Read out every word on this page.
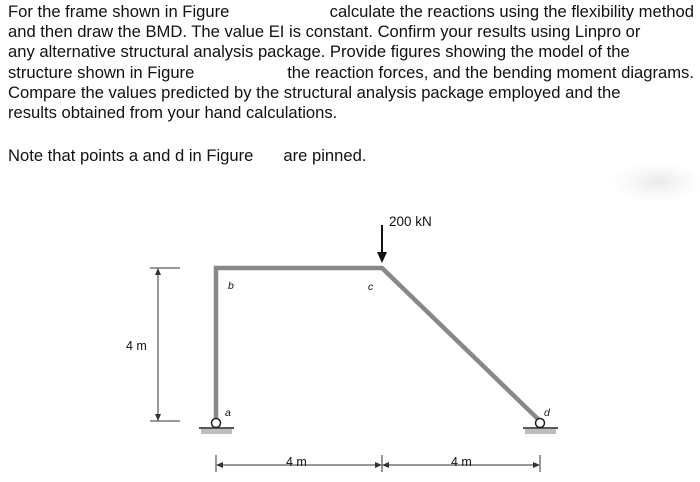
For the frame shown in Figure	calculate the reactions using the flexibility method
and then draw the BMD. The value EI is constant. Confirm your results using Linpro or
any alternative structural analysis package. Provide figures showing the model of the
structure shown in Figure	the reaction forces, and the bending moment diagrams.
Compare the values predicted by the structural analysis package employed and the
results obtained from your hand calculations.
Note that points a and d in Figure are pinned.
200 kN
b	c
a	d
4 m
4 m	4 m
